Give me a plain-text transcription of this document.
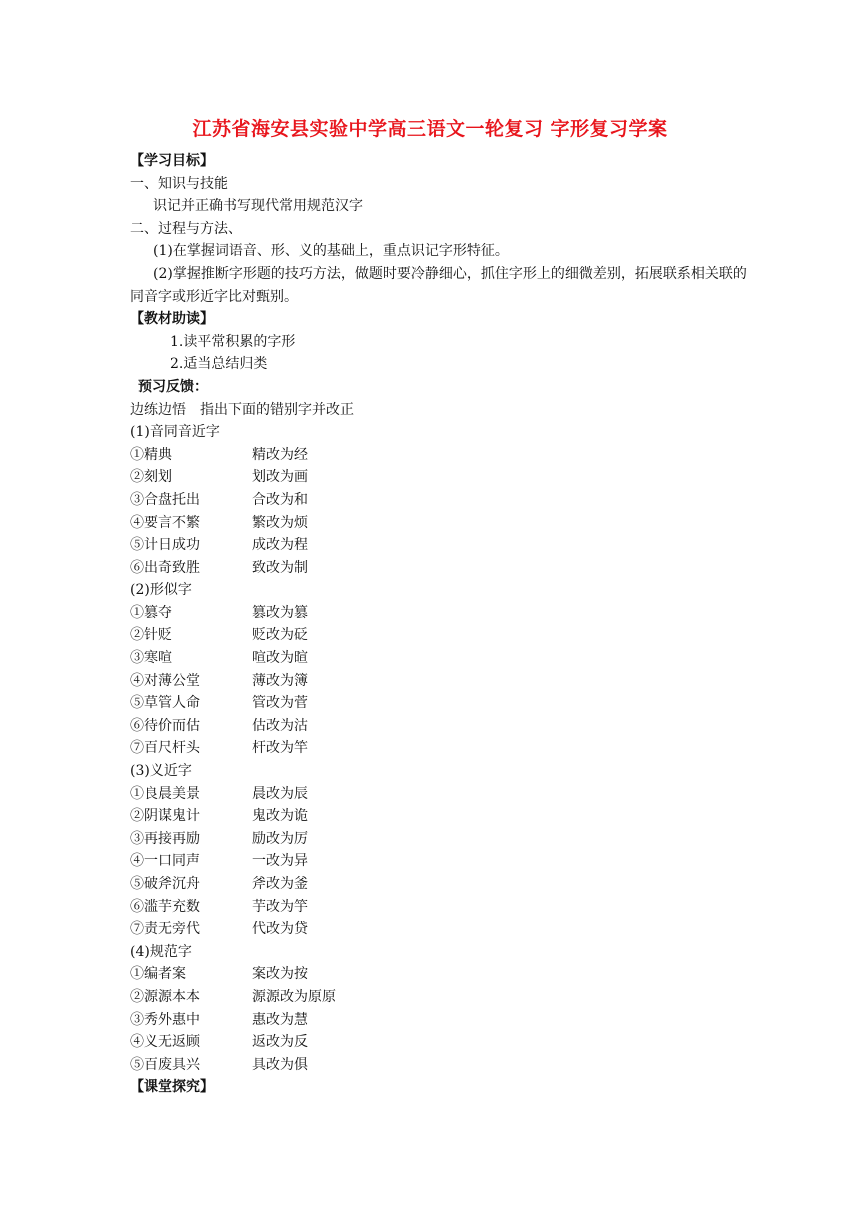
江苏省海安县实验中学高三语文一轮复习 字形复习学案
【学习目标】
一、知识与技能
识记并正确书写现代常用规范汉字
二、过程与方法、
(1)在掌握词语音、形、义的基础上，重点识记字形特征。
(2)掌握推断字形题的技巧方法，做题时要冷静细心，抓住字形上的细微差别，拓展联系相关联的同音字或形近字比对甄别。
【教材助读】
1.读平常积累的字形
2.适当总结归类
预习反馈：
边练边悟　指出下面的错别字并改正
(1)音同音近字
①精典	精改为经
②刻划	划改为画
③合盘托出	合改为和
④要言不繁	繁改为烦
⑤计日成功	成改为程
⑥出奇致胜	致改为制
(2)形似字
①篡夺	篡改为篡
②针贬	贬改为砭
③寒喧	喧改为暄
④对薄公堂	薄改为簿
⑤草管人命	管改为菅
⑥待价而估	估改为沽
⑦百尺杆头	杆改为竿
(3)义近字
①良晨美景	晨改为辰
②阴谋鬼计	鬼改为诡
③再接再励	励改为厉
④一口同声	一改为异
⑤破斧沉舟	斧改为釜
⑥滥芋充数	芋改为竽
⑦责无旁代	代改为贷
(4)规范字
①编者案	案改为按
②源源本本	源源改为原原
③秀外惠中	惠改为慧
④义无返顾	返改为反
⑤百废具兴	具改为俱
【课堂探究】
